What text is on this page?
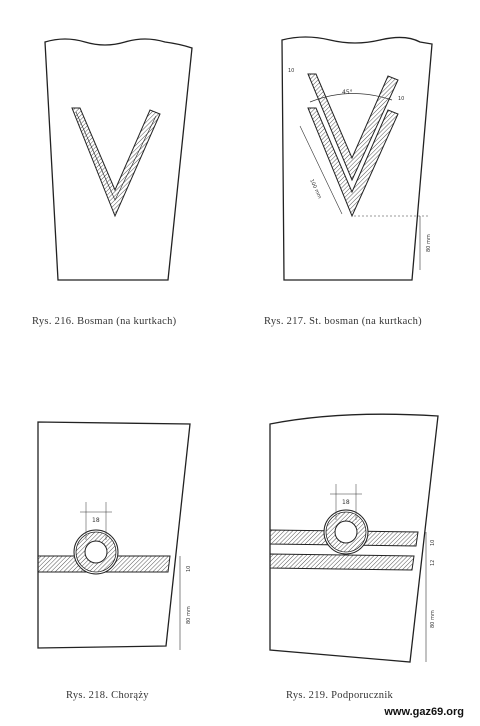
Rys. 216. Bosman (na kurtkach)
45°
100 mm
80 mm
10
10
Rys. 217. St. bosman (na kurtkach)
18
10
80 mm
Rys. 218. Chorąży
18
10
12
80 mm
Rys. 219. Podporucznik
www.gaz69.org
